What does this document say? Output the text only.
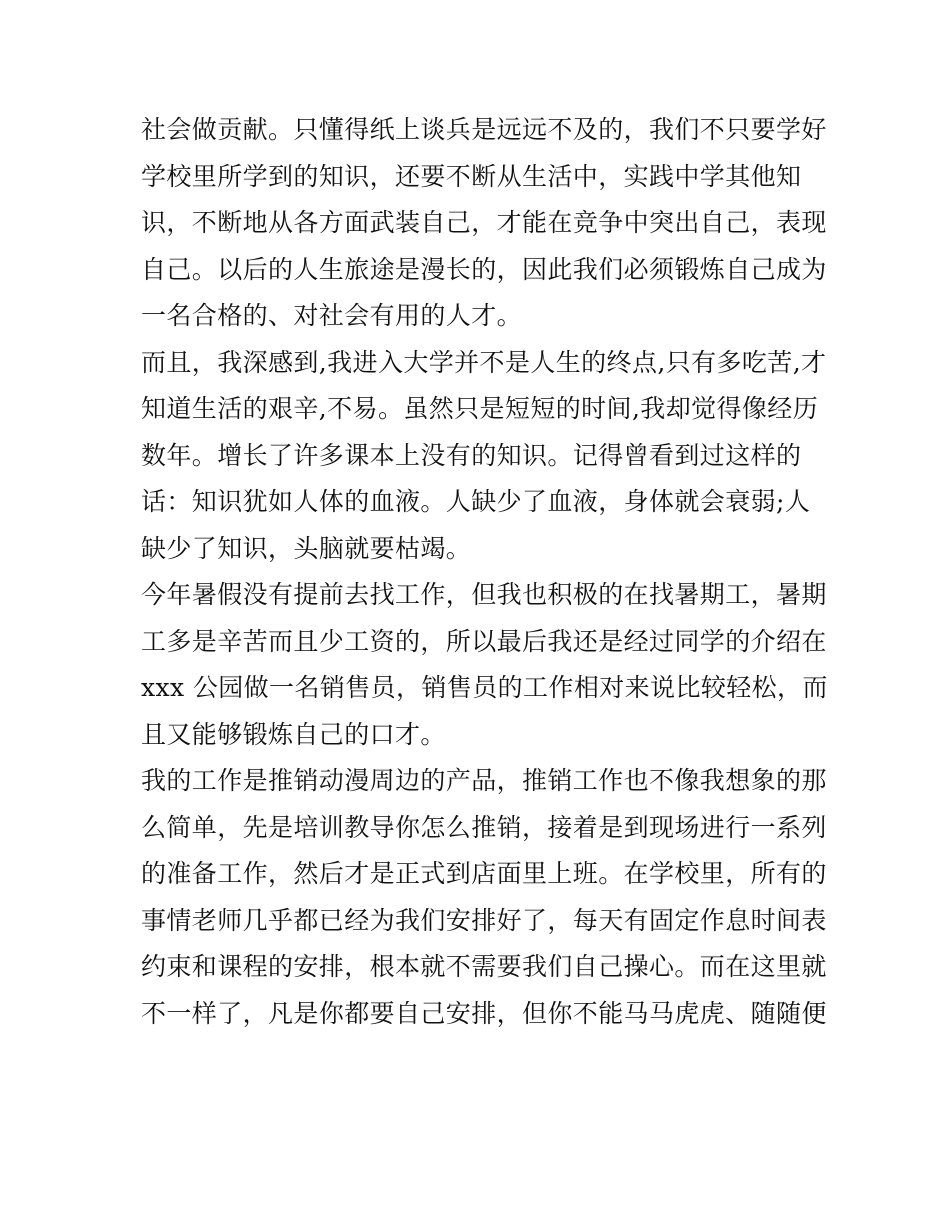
社会做贡献。只懂得纸上谈兵是远远不及的，我们不只要学好
学校里所学到的知识，还要不断从生活中，实践中学其他知
识，不断地从各方面武装自己，才能在竞争中突出自己，表现
自己。以后的人生旅途是漫长的，因此我们必须锻炼自己成为
一名合格的、对社会有用的人才。
而且，我深感到,我进入大学并不是人生的终点,只有多吃苦,才
知道生活的艰辛,不易。虽然只是短短的时间,我却觉得像经历
数年。增长了许多课本上没有的知识。记得曾看到过这样的
话：知识犹如人体的血液。人缺少了血液，身体就会衰弱;人
缺少了知识，头脑就要枯竭。
今年暑假没有提前去找工作，但我也积极的在找暑期工，暑期
工多是辛苦而且少工资的，所以最后我还是经过同学的介绍在
xxx 公园做一名销售员，销售员的工作相对来说比较轻松，而
且又能够锻炼自己的口才。
我的工作是推销动漫周边的产品，推销工作也不像我想象的那
么简单，先是培训教导你怎么推销，接着是到现场进行一系列
的准备工作，然后才是正式到店面里上班。在学校里，所有的
事情老师几乎都已经为我们安排好了，每天有固定作息时间表
约束和课程的安排，根本就不需要我们自己操心。而在这里就
不一样了，凡是你都要自己安排，但你不能马马虎虎、随随便
